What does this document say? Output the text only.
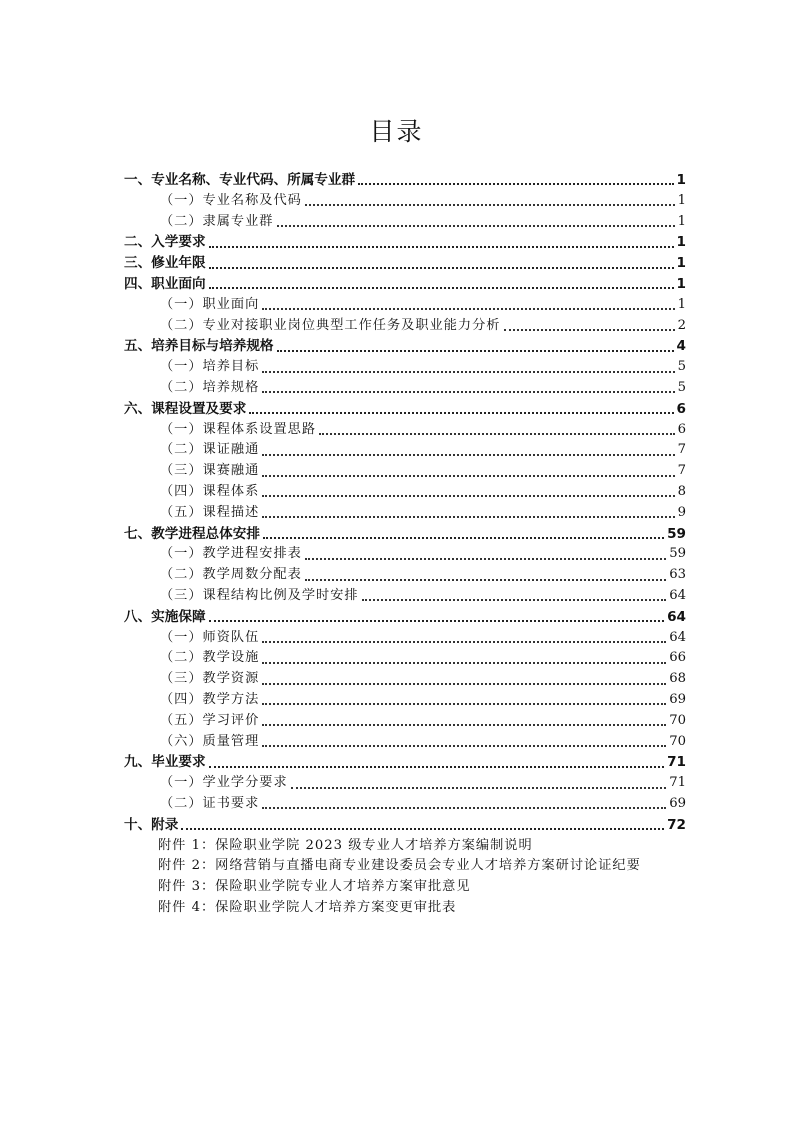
目录
一、专业名称、专业代码、所属专业群	1
（一）专业名称及代码	1
（二）隶属专业群	1
二、入学要求	1
三、修业年限	1
四、职业面向	1
（一）职业面向	1
（二）专业对接职业岗位典型工作任务及职业能力分析	2
五、培养目标与培养规格	4
（一）培养目标	5
（二）培养规格	5
六、课程设置及要求	6
（一）课程体系设置思路	6
（二）课证融通	7
（三）课赛融通	7
（四）课程体系	8
（五）课程描述	9
七、教学进程总体安排	59
（一）教学进程安排表	59
（二）教学周数分配表	63
（三）课程结构比例及学时安排	64
八、实施保障	64
（一）师资队伍	64
（二）教学设施	66
（三）教学资源	68
（四）教学方法	69
（五）学习评价	70
（六）质量管理	70
九、毕业要求	71
（一）学业学分要求	71
（二）证书要求	69
十、附录	72
附件 1：保险职业学院 2023 级专业人才培养方案编制说明
附件 2：网络营销与直播电商专业建设委员会专业人才培养方案研讨论证纪要
附件 3：保险职业学院专业人才培养方案审批意见
附件 4：保险职业学院人才培养方案变更审批表
